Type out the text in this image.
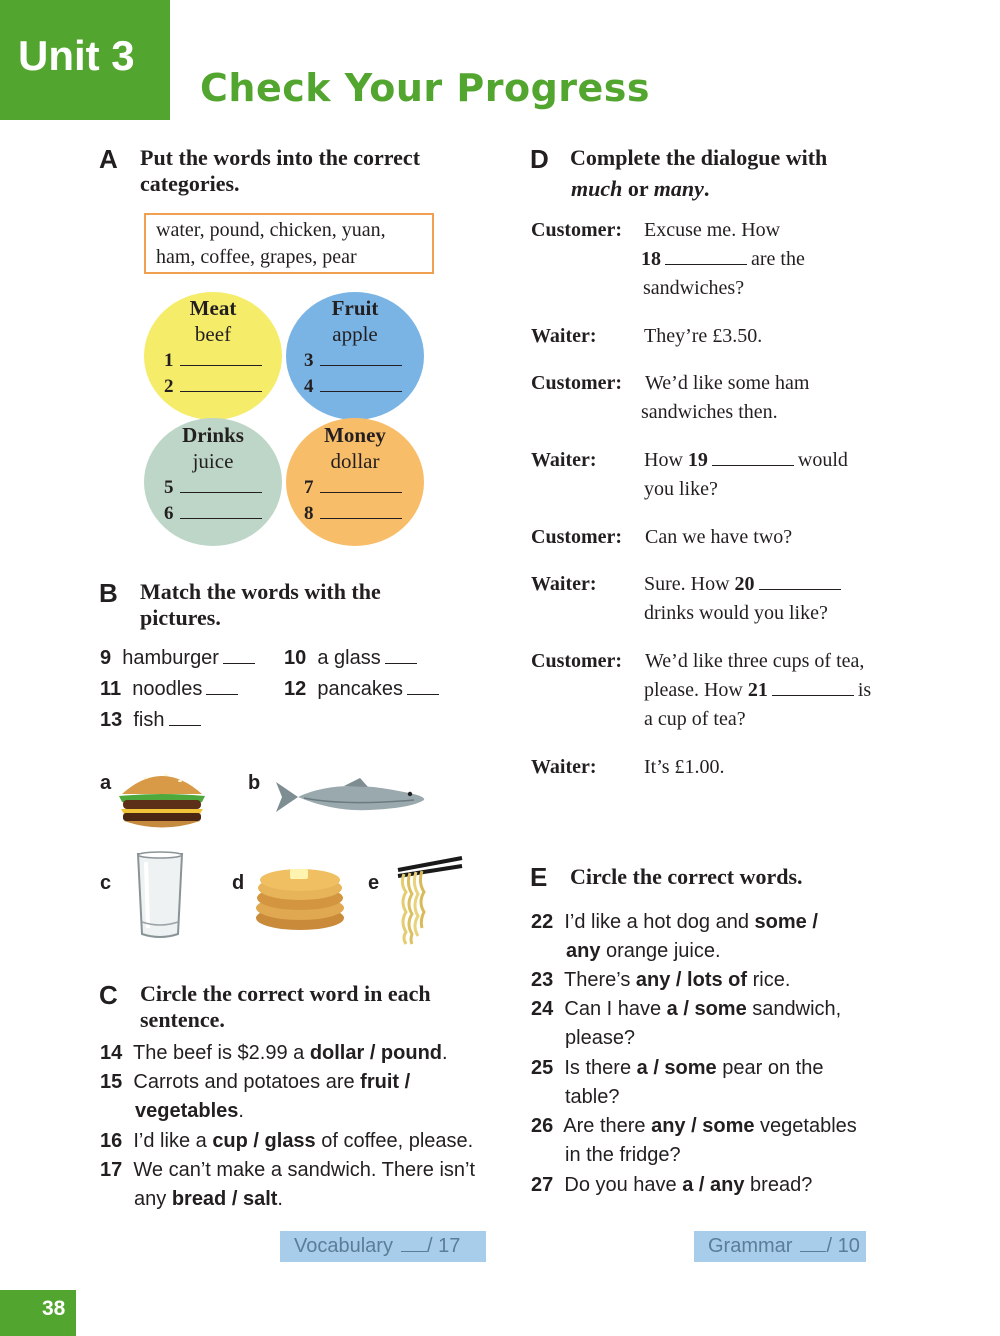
Unit 3
Check Your Progress
A Put the words into the correct
categories.
water, pound, chicken, yuan,
ham, coffee, grapes, pear
Meat
beef
1
2
Fruit
apple
3
4
Drinks
juice
5
6
Money
dollar
7
8
B Match the words with the
pictures.
9 hamburger	10 a glass
11 noodles	12 pancakes
13 fish
a	b
c	d	e
C Circle the correct word in each
sentence.
14 The beef is $2.99 a dollar / pound.
15 Carrots and potatoes are fruit /
vegetables.
16 I’d like a cup / glass of coffee, please.
17 We can’t make a sandwich. There isn’t
any bread / salt.
D Complete the dialogue with
much or many.
Customer: Excuse me. How
18	are the
sandwiches?
Waiter: They’re £3.50.
Customer: We’d like some ham
sandwiches then.
Waiter: How 19	would
you like?
Customer: Can we have two?
Waiter: Sure. How 20
drinks would you like?
Customer: We’d like three cups of tea,
please. How 21	is
a cup of tea?
Waiter: It’s £1.00.
E Circle the correct words.
22 I’d like a hot dog and some /
any orange juice.
23 There’s any / lots of rice.
24 Can I have a / some sandwich,
please?
25 Is there a / some pear on the
table?
26 Are there any / some vegetables
in the fridge?
27 Do you have a / any bread?
Vocabulary / 17	Grammar / 10
38
